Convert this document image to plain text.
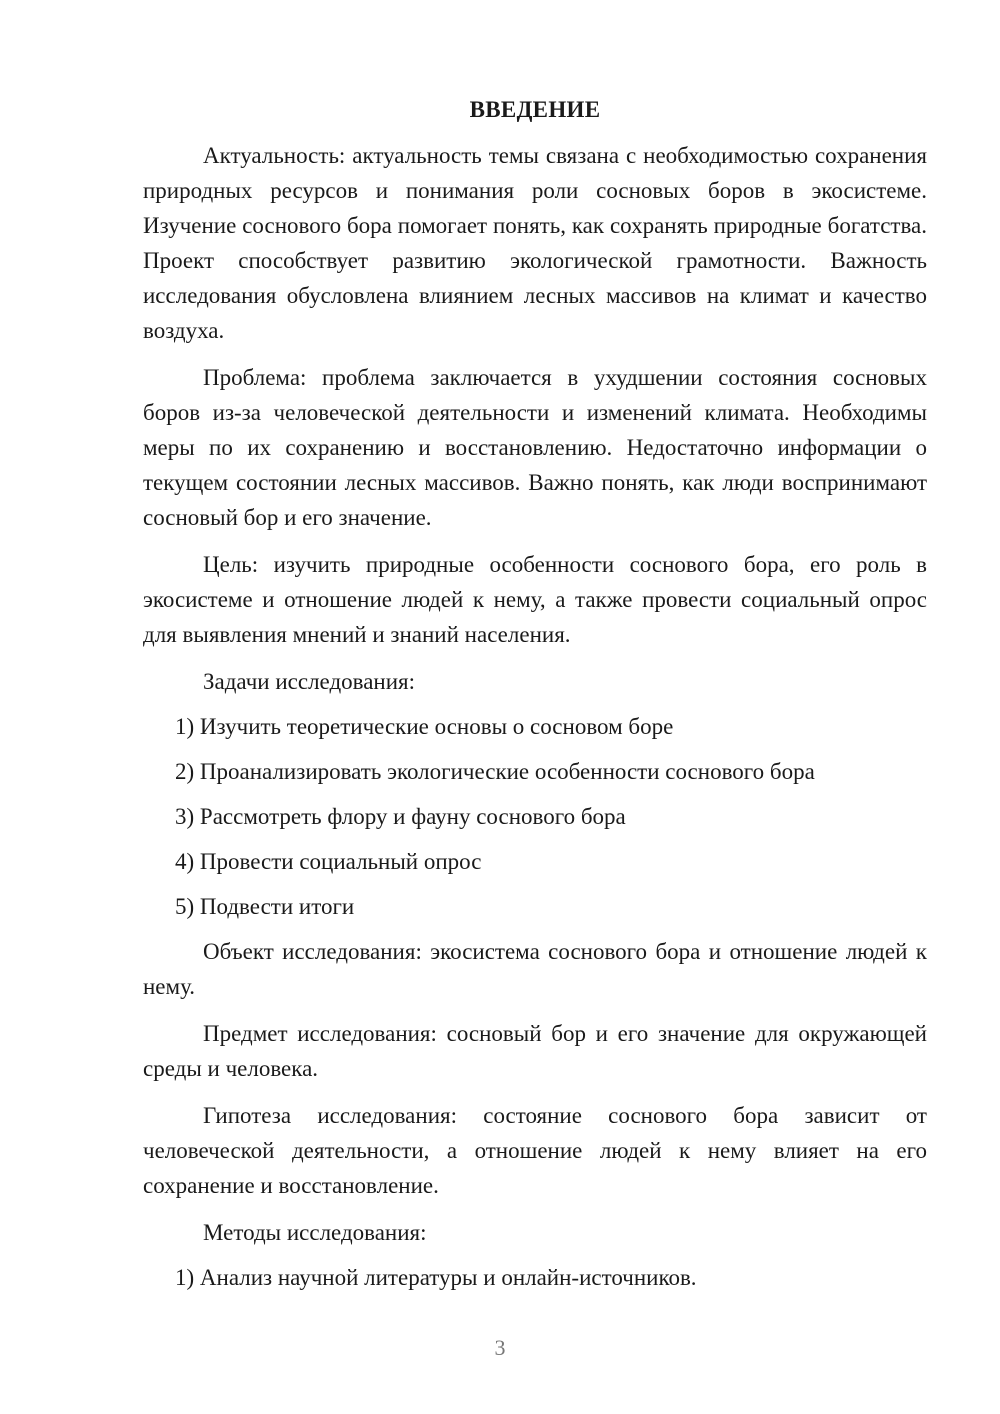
ВВЕДЕНИЕ

Актуальность: актуальность темы связана с необходимостью сохранения природных ресурсов и понимания роли сосновых боров в экосистеме. Изучение соснового бора помогает понять, как сохранять природные богатства. Проект способствует развитию экологической грамотности. Важность исследования обусловлена влиянием лесных массивов на климат и качество воздуха.

Проблема: проблема заключается в ухудшении состояния сосновых боров из-за человеческой деятельности и изменений климата. Необходимы меры по их сохранению и восстановлению. Недостаточно информации о текущем состоянии лесных массивов. Важно понять, как люди воспринимают сосновый бор и его значение.

Цель: изучить природные особенности соснового бора, его роль в экосистеме и отношение людей к нему, а также провести социальный опрос для выявления мнений и знаний населения.

Задачи исследования:

1) Изучить теоретические основы о сосновом боре

2) Проанализировать экологические особенности соснового бора

3) Рассмотреть флору и фауну соснового бора

4) Провести социальный опрос

5) Подвести итоги

Объект исследования: экосистема соснового бора и отношение людей к нему.

Предмет исследования: сосновый бор и его значение для окружающей среды и человека.

Гипотеза исследования: состояние соснового бора зависит от человеческой деятельности, а отношение людей к нему влияет на его сохранение и восстановление.

Методы исследования:

1) Анализ научной литературы и онлайн-источников.

3
